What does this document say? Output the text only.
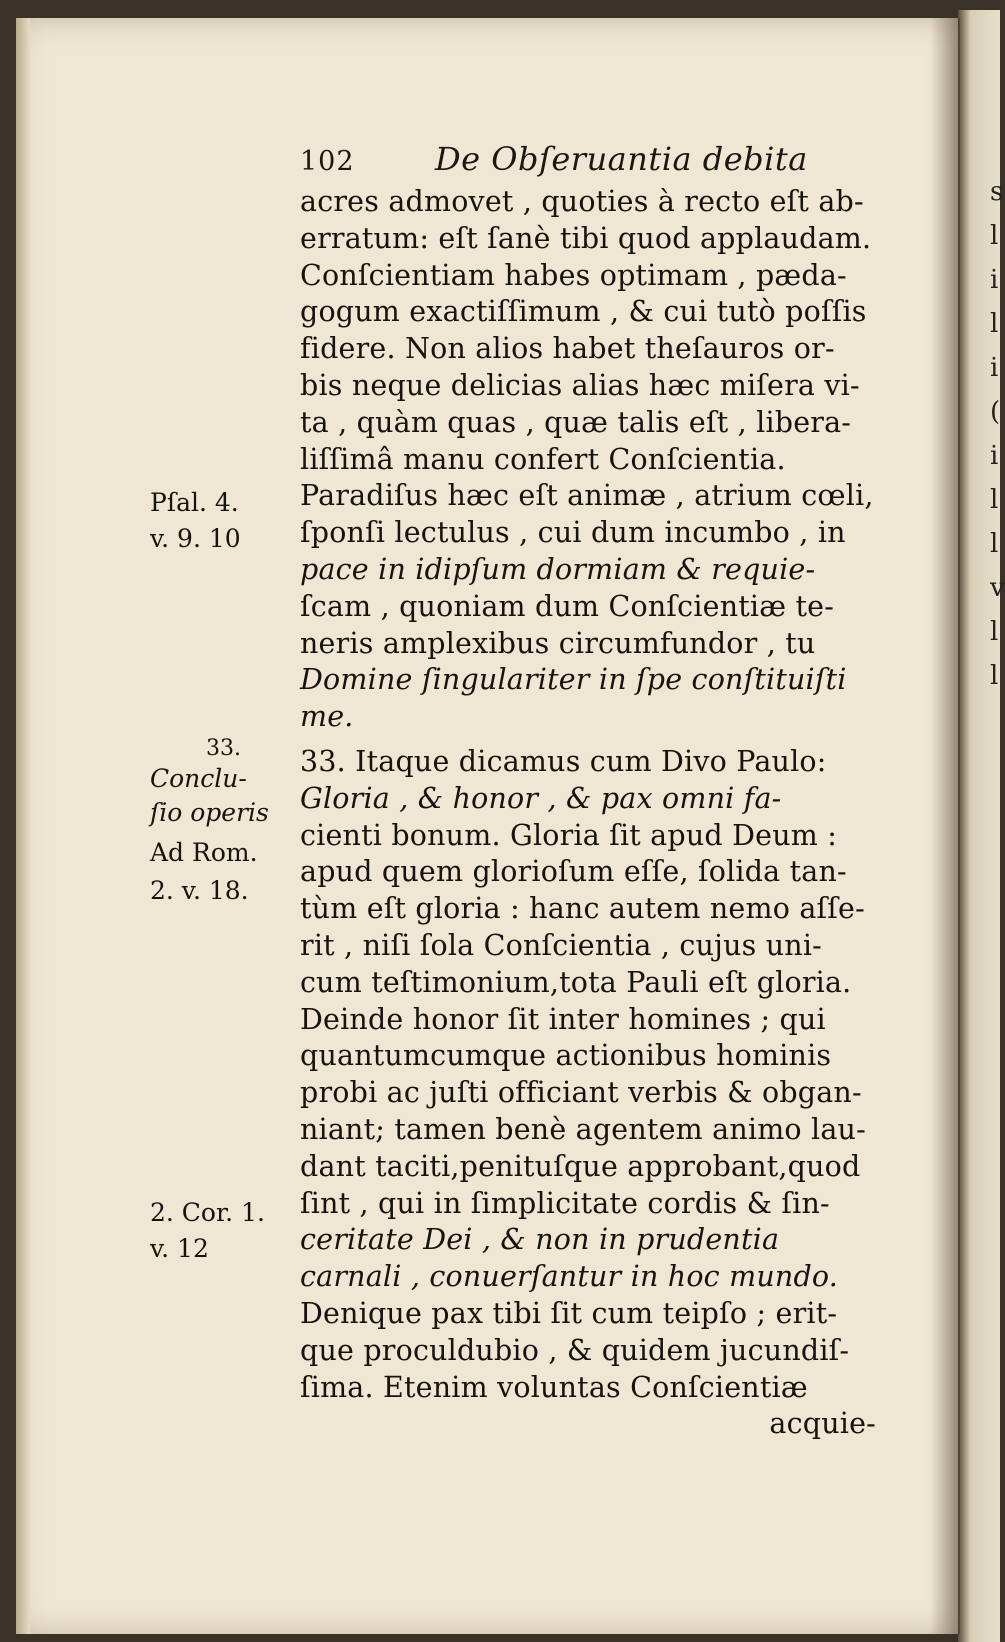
s
l
i
l
i
(
i
l
l
v
l
l
102	De Obſeruantia debita
acres admovet , quoties à recto eſt ab-
erratum: eſt ſanè tibi quod applaudam.
Conſcientiam habes optimam , pæda-
gogum exactiſſimum , & cui tutò poſſis
fidere. Non alios habet theſauros or-
bis neque delicias alias hæc miſera vi-
ta , quàm quas , quæ talis eſt , libera-
liſſimâ manu confert Conſcientia.
Paradiſus hæc eſt animæ , atrium cœli,
ſponſi lectulus , cui dum incumbo , in
pace in idipſum dormiam & requie-
ſcam , quoniam dum Conſcientiæ te-
neris amplexibus circumfundor , tu
Domine ſingulariter in ſpe conſtituiſti
me.
33. Itaque dicamus cum Divo Paulo:
Gloria , & honor , & pax omni fa-
cienti bonum. Gloria ſit apud Deum :
apud quem glorioſum eſſe, ſolida tan-
tùm eſt gloria : hanc autem nemo aſſe-
rit , niſi ſola Conſcientia , cujus uni-
cum teſtimonium,tota Pauli eſt gloria.
Deinde honor ſit inter homines ; qui
quantumcumque actionibus hominis
probi ac juſti officiant verbis & obgan-
niant; tamen benè agentem animo lau-
dant taciti,penituſque approbant,quod
ſint , qui in ſimplicitate cordis & ſin-
ceritate Dei , & non in prudentia
carnali , conuerſantur in hoc mundo.
Denique pax tibi ſit cum teipſo ; erit-
que proculdubio , & quidem jucundiſ-
ſima. Etenim voluntas Conſcientiæ
acquie-
Pſal. 4.
v. 9. 10
33.
Conclu-
ſio operis
Ad Rom.
2. v. 18.
2. Cor. 1.
v. 12
